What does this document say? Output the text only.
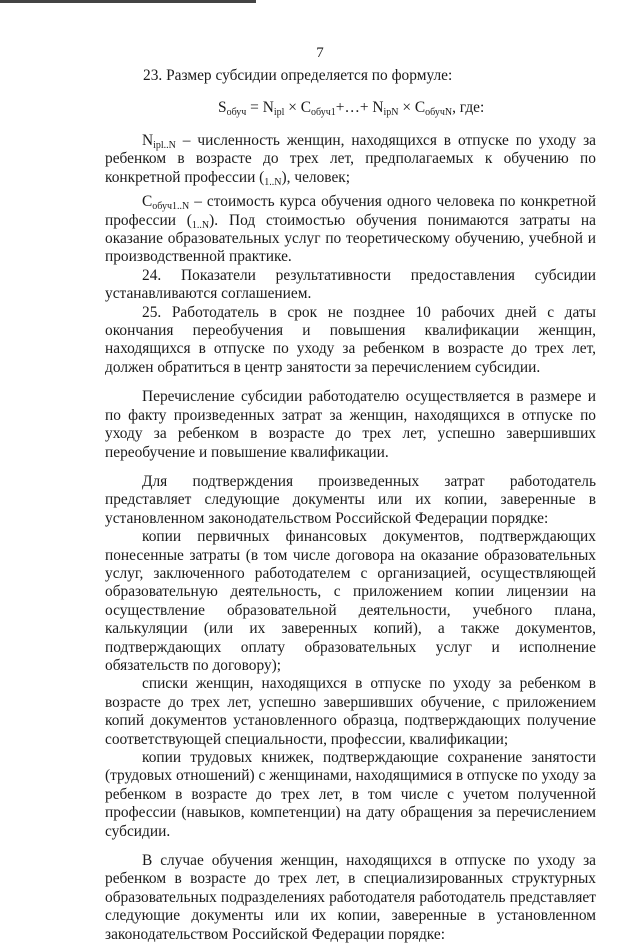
7
23. Размер субсидии определяется по формуле:
$S_{обуч} = N_{ipl}$ × $C_{обуч1}+\dots+ N_{ipN} \times C_{обучN}$, где:

$N_{ipl..N}$ – численность женщин, находящихся в отпуске по уходу за ребенком в возрасте до трех лет, предполагаемых к обучению по конкретной профессии $(_{1..N})$, человек;

$C_{обуч1..N}$ – стоимость курса обучения одного человека по конкретной профессии $(_{1..N})$. Под стоимостью обучения понимаются затраты на оказание образовательных услуг по теоретическому обучению, учебной и производственной практике.

24. Показатели результативности предоставления субсидии устанавливаются соглашением.

25. Работодатель в срок не позднее 10 рабочих дней с даты окончания переобучения и повышения квалификации женщин, находящихся в отпуске по уходу за ребенком в возрасте до трех лет, должен обратиться в центр занятости за перечислением субсидии.

Перечисление субсидии работодателю осуществляется в размере и по факту произведенных затрат за женщин, находящихся в отпуске по уходу за ребенком в возрасте до трех лет, успешно завершивших переобучение и повышение квалификации.

Для подтверждения произведенных затрат работодатель представляет следующие документы или их копии, заверенные в установленном законодательством Российской Федерации порядке:

копии первичных финансовых документов, подтверждающих понесенные затраты (в том числе договора на оказание образовательных услуг, заключенного работодателем с организацией, осуществляющей образовательную деятельность, с приложением копии лицензии на осуществление образовательной деятельности, учебного плана, калькуляции (или их заверенных копий), а также документов, подтверждающих оплату образовательных услуг и исполнение обязательств по договору);

списки женщин, находящихся в отпуске по уходу за ребенком в возрасте до трех лет, успешно завершивших обучение, с приложением копий документов установленного образца, подтверждающих получение соответствующей специальности, профессии, квалификации;

копии трудовых книжек, подтверждающие сохранение занятости (трудовых отношений) с женщинами, находящимися в отпуске по уходу за ребенком в возрасте до трех лет, в том числе с учетом полученной профессии (навыков, компетенции) на дату обращения за перечислением субсидии.

В случае обучения женщин, находящихся в отпуске по уходу за ребенком в возрасте до трех лет, в специализированных структурных образовательных подразделениях работодателя работодатель представляет следующие документы или их копии, заверенные в установленном законодательством Российской Федерации порядке:
